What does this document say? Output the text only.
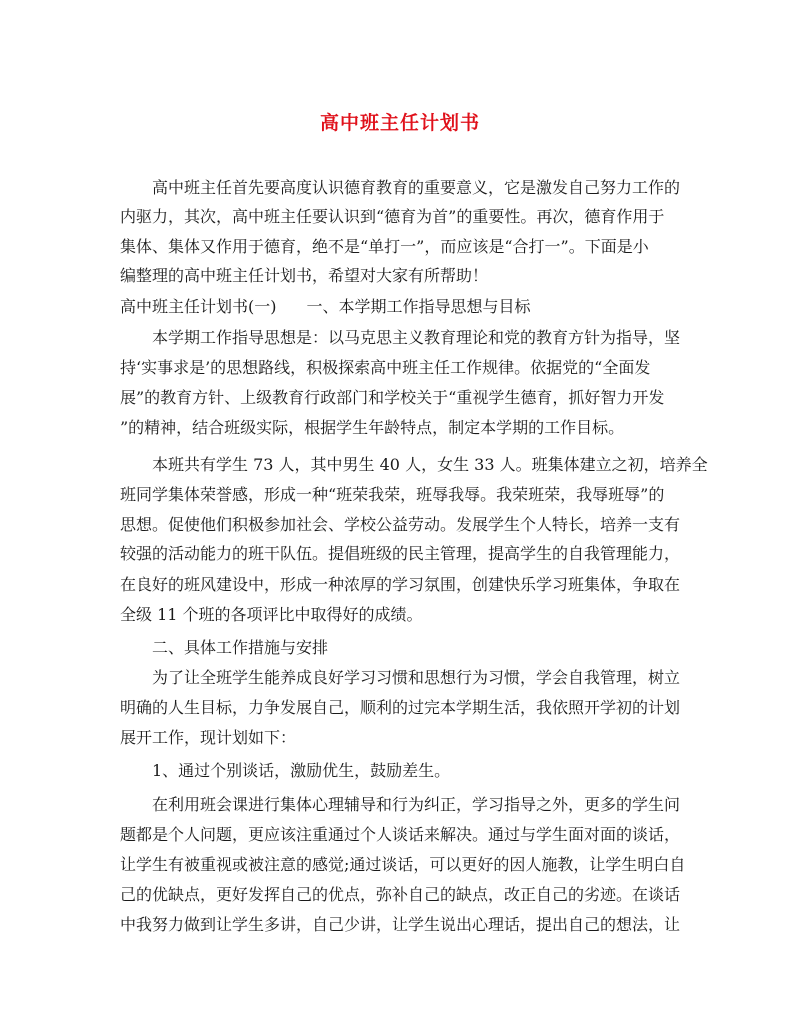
高中班主任计划书
高中班主任首先要高度认识德育教育的重要意义，它是激发自己努力工作的
内驱力，其次，高中班主任要认识到“德育为首”的重要性。再次，德育作用于
集体、集体又作用于德育，绝不是“单打一”，而应该是“合打一”。下面是小
编整理的高中班主任计划书，希望对大家有所帮助！
高中班主任计划书(一) 一、本学期工作指导思想与目标
本学期工作指导思想是：以马克思主义教育理论和党的教育方针为指导，坚
持‘实事求是’的思想路线，积极探索高中班主任工作规律。依据党的“全面发
展”的教育方针、上级教育行政部门和学校关于“重视学生德育，抓好智力开发
”的精神，结合班级实际，根据学生年龄特点，制定本学期的工作目标。
本班共有学生 73 人，其中男生 40 人，女生 33 人。班集体建立之初，培养全
班同学集体荣誉感，形成一种“班荣我荣，班辱我辱。我荣班荣，我辱班辱”的
思想。促使他们积极参加社会、学校公益劳动。发展学生个人特长，培养一支有
较强的活动能力的班干队伍。提倡班级的民主管理，提高学生的自我管理能力，
在良好的班风建设中，形成一种浓厚的学习氛围，创建快乐学习班集体，争取在
全级 11 个班的各项评比中取得好的成绩。
二、具体工作措施与安排
为了让全班学生能养成良好学习习惯和思想行为习惯，学会自我管理，树立
明确的人生目标，力争发展自己，顺利的过完本学期生活，我依照开学初的计划
展开工作，现计划如下：
1、通过个别谈话，激励优生，鼓励差生。
在利用班会课进行集体心理辅导和行为纠正，学习指导之外，更多的学生问
题都是个人问题，更应该注重通过个人谈话来解决。通过与学生面对面的谈话，
让学生有被重视或被注意的感觉;通过谈话，可以更好的因人施教，让学生明白自
己的优缺点，更好发挥自己的优点，弥补自己的缺点，改正自己的劣迹。在谈话
中我努力做到让学生多讲，自己少讲，让学生说出心理话，提出自己的想法，让
